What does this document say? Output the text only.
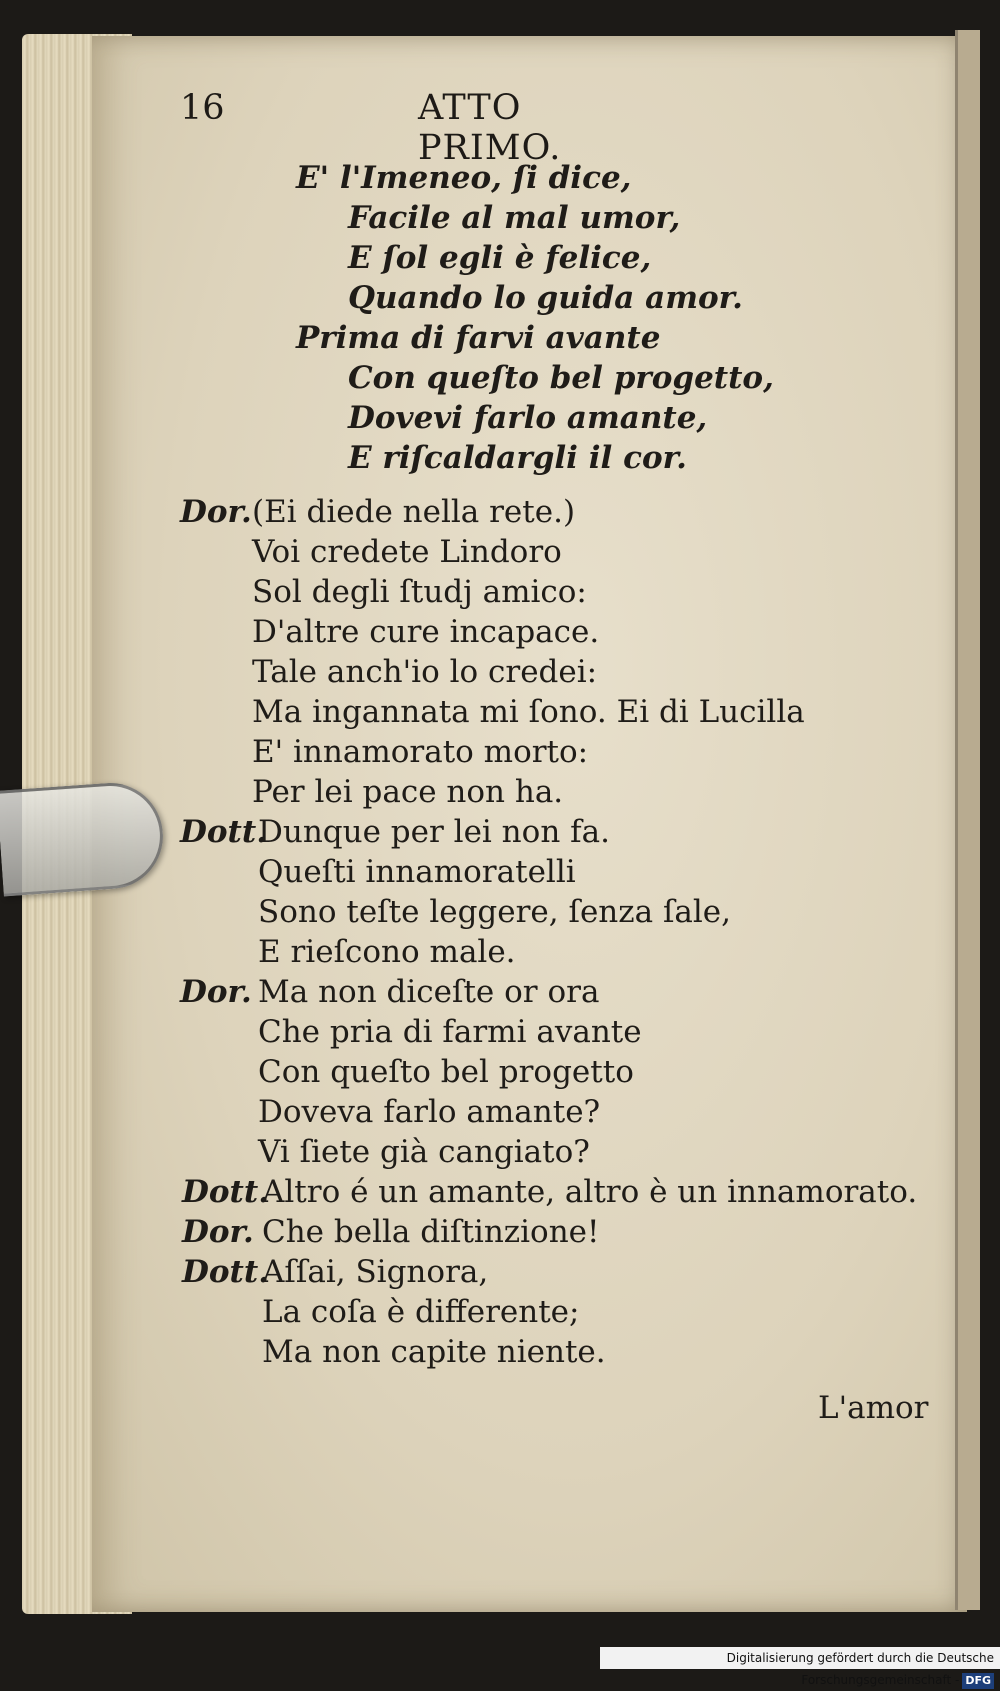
16	ATTO PRIMO.
E' l'Imeneo, ſi dice,
Facile al mal umor,
E ſol egli è felice,
Quando lo guida amor.
Prima di farvi avante
Con queſto bel progetto,
Dovevi farlo amante,
E riſcaldargli il cor.
Dor. (Ei diede nella rete.)
Voi credete Lindoro
Sol degli ſtudj amico:
D'altre cure incapace.
Tale anch'io lo credei:
Ma ingannata mi ſono. Ei di Lucilla
E' innamorato morto:
Per lei pace non ha.
Dott.
Dunque per lei non fa.
Queſti innamoratelli
Sono teſte leggere, ſenza ſale,
E rieſcono male.
Dor. Ma non diceſte or ora
Che pria di farmi avante
Con queſto bel progetto
Doveva farlo amante?
Vi ſiete già cangiato?
Dott.
Altro é un amante, altro è un innamorato.
Dor. Che bella diſtinzione!
Dott.
Aſſai, Signora,
La coſa è differente;
Ma non capite niente.
L'amor
Digitalisierung gefördert durch die Deutsche Forschungsgemeinschaft - DFG
